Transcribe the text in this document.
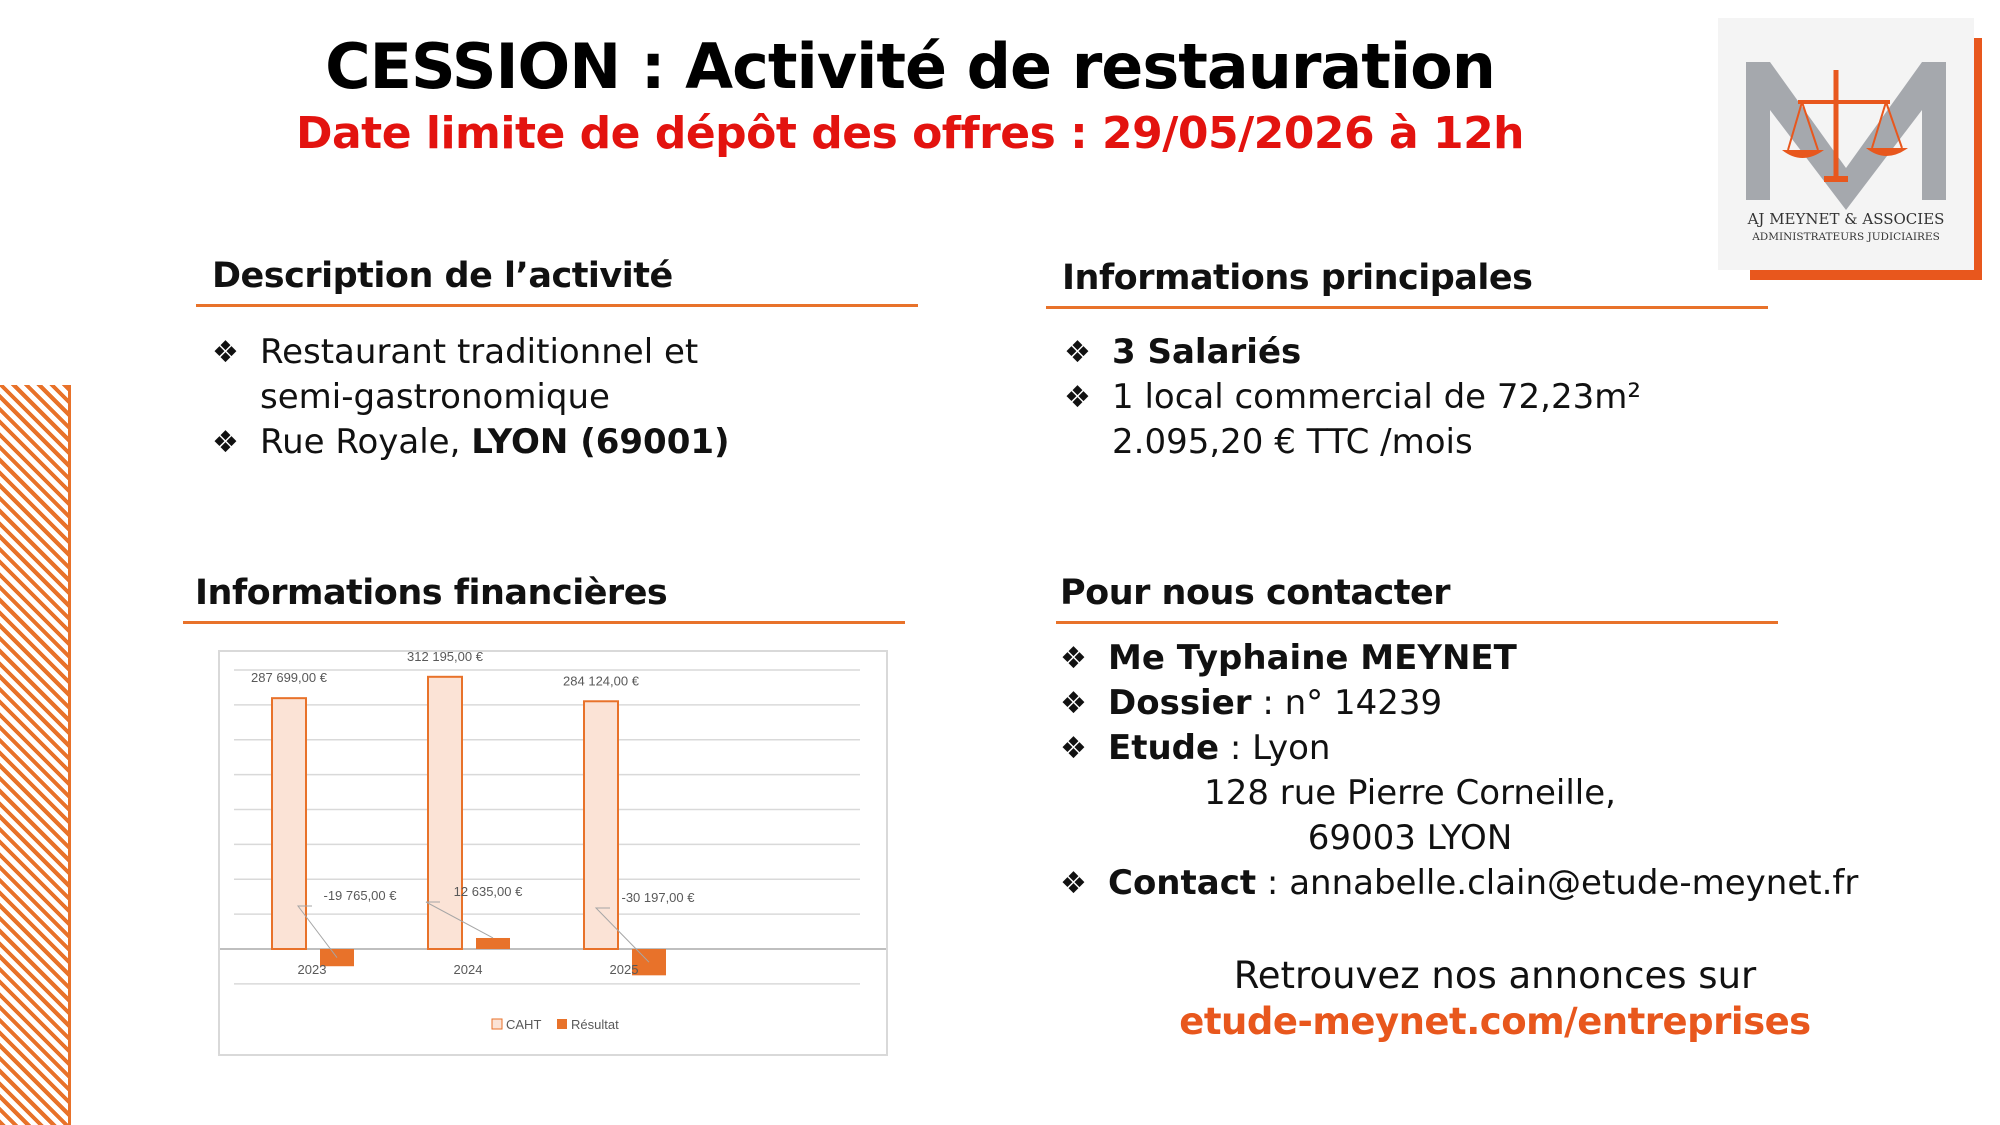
CESSION : Activité de restauration
Date limite de dépôt des offres : 29/05/2026 à 12h
AJ MEYNET & ASSOCIES
ADMINISTRATEURS JUDICIAIRES
Description de l’activité
❖ Restaurant traditionnel et
semi-gastronomique
❖ Rue Royale, LYON (69001)
Informations principales
❖ 3 Salariés
❖ 1 local commercial de 72,23m²
2.095,20 € TTC /mois
Informations financières
287 699,00 €
-19 765,00 €
2023
312 195,00 €
12 635,00 €
2024
284 124,00 €
-30 197,00 €
2025
CAHT Résultat
Pour nous contacter
❖ Me Typhaine MEYNET
❖ Dossier : n° 14239
❖ Etude : Lyon
128 rue Pierre Corneille,
69003 LYON
❖ Contact : annabelle.clain@etude-meynet.fr
Retrouvez nos annonces sur
etude-meynet.com/entreprises
